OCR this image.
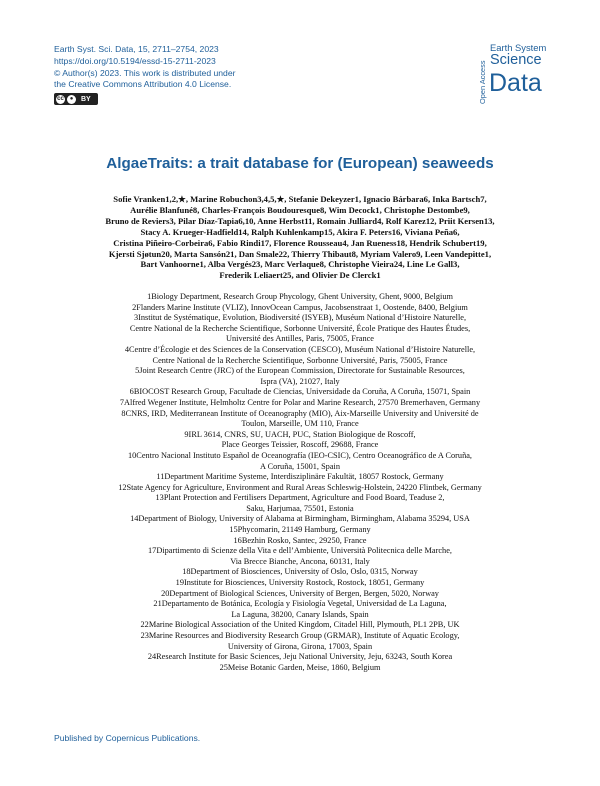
Earth Syst. Sci. Data, 15, 2711–2754, 2023
https://doi.org/10.5194/essd-15-2711-2023
© Author(s) 2023. This work is distributed under
the Creative Commons Attribution 4.0 License.
cc ●	BY	Open Access
Earth System
Science
Data
AlgaeTraits: a trait database for (European) seaweeds
Sofie Vranken1,2,★, Marine Robuchon3,4,5,★, Stefanie Dekeyzer1, Ignacio Bárbara6, Inka Bartsch7,
Aurélie Blanfuné8, Charles-François Boudouresque8, Wim Decock1, Christophe Destombe9,
Bruno de Reviers3, Pilar Díaz-Tapia6,10, Anne Herbst11, Romain Julliard4, Rolf Karez12, Priit Kersen13,
Stacy A. Krueger-Hadfield14, Ralph Kuhlenkamp15, Akira F. Peters16, Viviana Peña6,
Cristina Piñeiro-Corbeira6, Fabio Rindi17, Florence Rousseau4, Jan Rueness18, Hendrik Schubert19,
Kjersti Sjøtun20, Marta Sansón21, Dan Smale22, Thierry Thibaut8, Myriam Valero9, Leen Vandepitte1,
Bart Vanhoorne1, Alba Vergés23, Marc Verlaque8, Christophe Vieira24, Line Le Gall3,
Frederik Leliaert25, and Olivier De Clerck1
1Biology Department, Research Group Phycology, Ghent University, Ghent, 9000, Belgium
2Flanders Marine Institute (VLIZ), InnovOcean Campus, Jacobsenstraat 1, Oostende, 8400, Belgium
3Institut de Systématique, Evolution, Biodiversité (ISYEB), Muséum National d’Histoire Naturelle,
Centre National de la Recherche Scientifique, Sorbonne Université, École Pratique des Hautes Études,
Université des Antilles, Paris, 75005, France
4Centre d’Écologie et des Sciences de la Conservation (CESCO), Muséum National d’Histoire Naturelle,
Centre National de la Recherche Scientifique, Sorbonne Université, Paris, 75005, France
5Joint Research Centre (JRC) of the European Commission, Directorate for Sustainable Resources,
Ispra (VA), 21027, Italy
6BIOCOST Research Group, Facultade de Ciencias, Universidade da Coruña, A Coruña, 15071, Spain
7Alfred Wegener Institute, Helmholtz Centre for Polar and Marine Research, 27570 Bremerhaven, Germany
8CNRS, IRD, Mediterranean Institute of Oceanography (MIO), Aix-Marseille University and Université de
Toulon, Marseille, UM 110, France
9IRL 3614, CNRS, SU, UACH, PUC, Station Biologique de Roscoff,
Place Georges Teissier, Roscoff, 29688, France
10Centro Nacional Instituto Español de Oceanografía (IEO-CSIC), Centro Oceanográfico de A Coruña,
A Coruña, 15001, Spain
11Department Maritime Systeme, Interdisziplinäre Fakultät, 18057 Rostock, Germany
12State Agency for Agriculture, Environment and Rural Areas Schleswig-Holstein, 24220 Flintbek, Germany
13Plant Protection and Fertilisers Department, Agriculture and Food Board, Teaduse 2,
Saku, Harjumaa, 75501, Estonia
14Department of Biology, University of Alabama at Birmingham, Birmingham, Alabama 35294, USA
15Phycomarin, 21149 Hamburg, Germany
16Bezhin Rosko, Santec, 29250, France
17Dipartimento di Scienze della Vita e dell’Ambiente, Università Politecnica delle Marche,
Via Brecce Bianche, Ancona, 60131, Italy
18Department of Biosciences, University of Oslo, Oslo, 0315, Norway
19Institute for Biosciences, University Rostock, Rostock, 18051, Germany
20Department of Biological Sciences, University of Bergen, Bergen, 5020, Norway
21Departamento de Botánica, Ecología y Fisiología Vegetal, Universidad de La Laguna,
La Laguna, 38200, Canary Islands, Spain
22Marine Biological Association of the United Kingdom, Citadel Hill, Plymouth, PL1 2PB, UK
23Marine Resources and Biodiversity Research Group (GRMAR), Institute of Aquatic Ecology,
University of Girona, Girona, 17003, Spain
24Research Institute for Basic Sciences, Jeju National University, Jeju, 63243, South Korea
25Meise Botanic Garden, Meise, 1860, Belgium
Published by Copernicus Publications.
